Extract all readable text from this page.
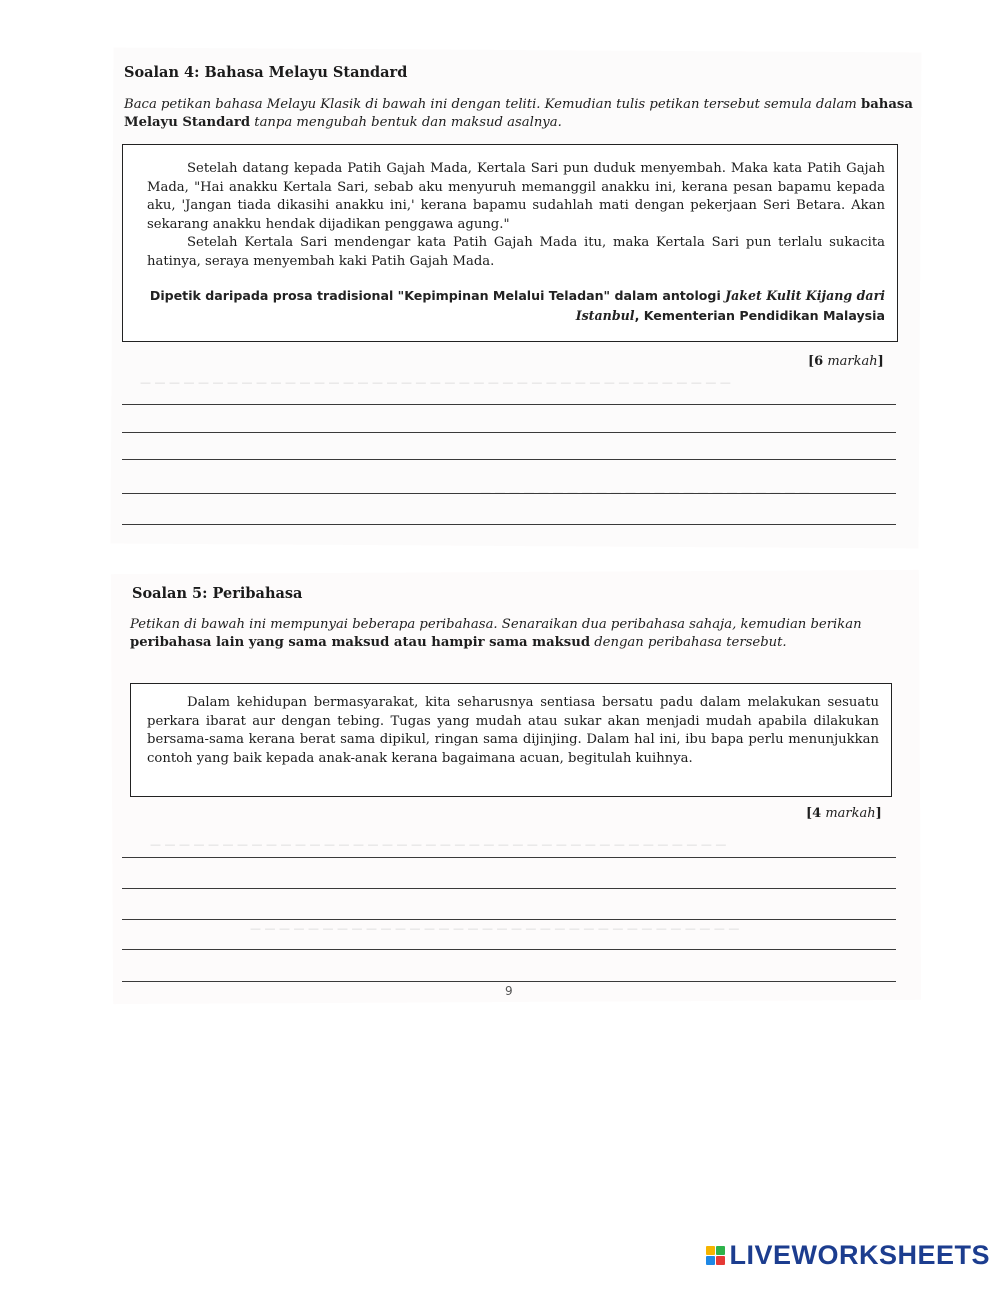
Soalan 4: Bahasa Melayu Standard
Baca petikan bahasa Melayu Klasik di bawah ini dengan teliti. Kemudian tulis petikan tersebut semula dalam bahasa Melayu Standard tanpa mengubah bentuk dan maksud asalnya.

Setelah datang kepada Patih Gajah Mada, Kertala Sari pun duduk menyembah. Maka kata Patih Gajah Mada, "Hai anakku Kertala Sari, sebab aku menyuruh memanggil anakku ini, kerana pesan bapamu kepada aku, 'Jangan tiada dikasihi anakku ini,' kerana bapamu sudahlah mati dengan pekerjaan Seri Betara. Akan sekarang anakku hendak dijadikan penggawa agung."

Setelah Kertala Sari mendengar kata Patih Gajah Mada itu, maka Kertala Sari pun terlalu sukacita hatinya, seraya menyembah kaki Patih Gajah Mada.

Dipetik daripada prosa tradisional "Kepimpinan Melalui Teladan" dalam antologi Jaket Kulit Kijang dari Istanbul, Kementerian Pendidikan Malaysia
[6 markah]
— — — — — — — — — — — — — — — — — — — — — — — — — — — — — — — — — — — — — — — — —
— — — — — — — — — — — — — — — — — — — — — — —
Soalan 5: Peribahasa
Petikan di bawah ini mempunyai beberapa peribahasa. Senaraikan dua peribahasa sahaja, kemudian berikan peribahasa lain yang sama maksud atau hampir sama maksud dengan peribahasa tersebut.

Dalam kehidupan bermasyarakat, kita seharusnya sentiasa bersatu padu dalam melakukan sesuatu perkara ibarat aur dengan tebing. Tugas yang mudah atau sukar akan menjadi mudah apabila dilakukan bersama-sama kerana berat sama dipikul, ringan sama dijinjing. Dalam hal ini, ibu bapa perlu menunjukkan contoh yang baik kepada anak-anak kerana bagaimana acuan, begitulah kuihnya.

[4 markah]
— — — — — — — — — — — — — — — — — — — — — — — — — — — — — — — — — — — — — — — —
— — — — — — — — — — — — — — — — — — — — — — — — — — — — — — — — — —
9
LIVEWORKSHEETS
